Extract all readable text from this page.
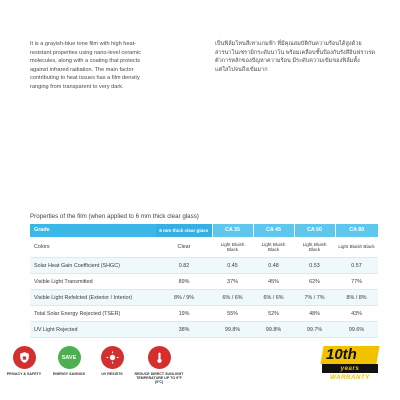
It is a grayish-blue tone film with high heat-
resistant properties using nano-level ceramic
molecules, along with a coating that protects
against infrared radiation. The main factor
contributing to heat issues has a film density
ranging from transparent to very dark.

เป็นฟิล์มโทนสีเทาแกมฟ้า ที่มีคุณสมบัติกันความร้อนได้สูงด้วย
สารนาโนเซรามิกระดับนาโน พร้อมเคลือบชั้นป้องกันรังสีอินฟราเรด
ตัวการหลักของปัญหาความร้อน มีระดับความเข้มของฟิล์มตั้ง
แต่ใสไปจนถึงเข้มมาก

Properties of the film (when applied to 6 mm thick clear glass)

Grade	6 mm thick clear glass	CA 35	CA 45	CA 60	CA 80
Colors	Clear	Light Bluish Black	Light Bluish Black	Light Bluish Black	Light Bluish Black
Solar Heat Gain Coefficient (SHGC)	0.82	0.45	0.48	0.53	0.57
Visible Light Transmitted	89%	37%	45%	62%	77%
Visible Light Refelcted (Exterior / Interior)	8% / 9%	6% / 6%	6% / 6%	7% / 7%	8% / 8%
Total Solar Energy Rejected (TSER)	19%	55%	52%	48%	43%
UV Light Rejected	38%	99.8%	99.8%	99.7%	99.6%
PRIVACY & SAFETY
SAVE
ENERGY SAVINGS	UV RESISTS	REDUCE DIRECT SUNLIGHT TEMPERATURE UP TO 9°F (5°C)
10th
years WARRANTY
